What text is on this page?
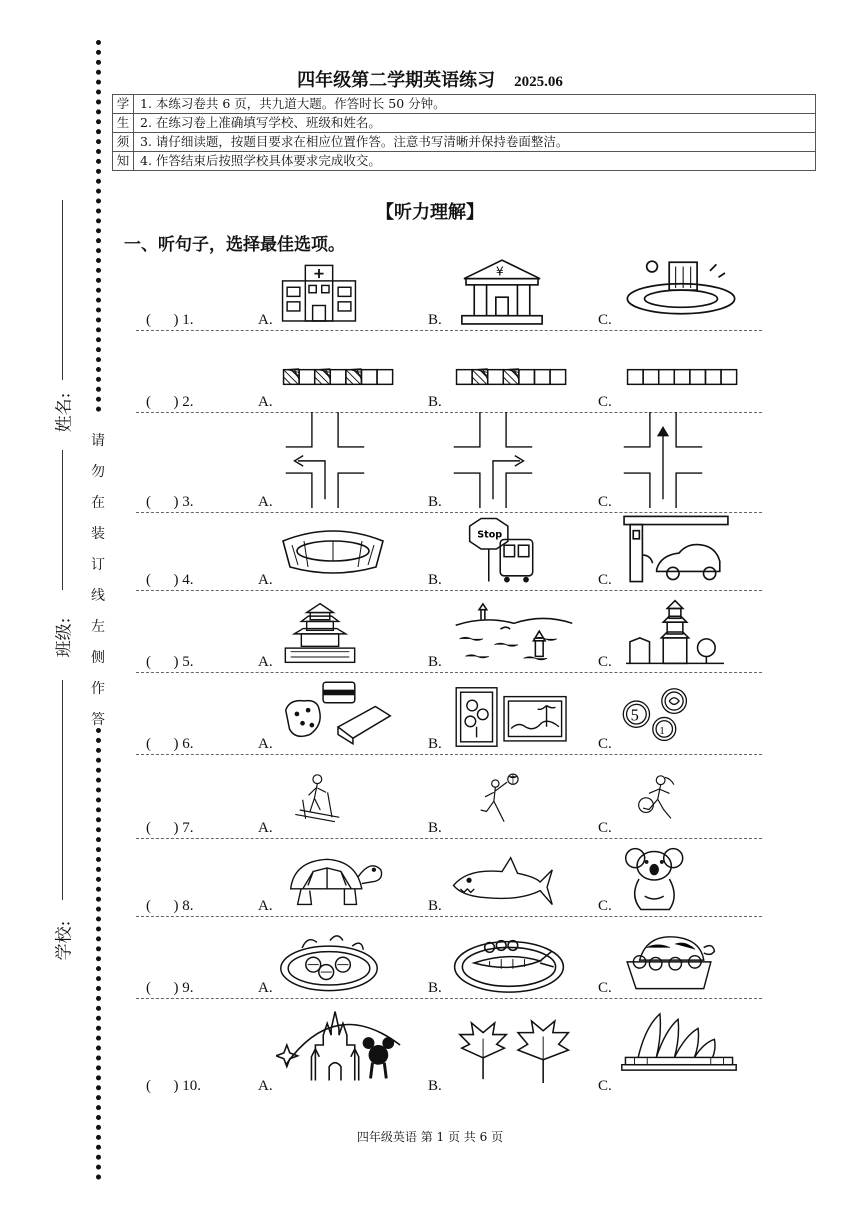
姓名:
班级:
学校:
请
勿
在
装
订
线
左
侧
作
答
四年级第二学期英语练习 2025.06
学	1. 本练习卷共 6 页，共九道大题。作答时长 50 分钟。
生	2. 在练习卷上准确填写学校、班级和姓名。
须	3. 请仔细读题，按题目要求在相应位置作答。注意书写清晰并保持卷面整洁。
知	4. 作答结束后按照学校具体要求完成收交。
【听力理解】
一、听句子，选择最佳选项。
(      ) 1.	A.	B.
¥
C.
(      ) 2.	A.	B.	C.
(      ) 3.	A.	B.	C.
(      ) 4.	A.	B.
Stop
C.
(      ) 5.	A.	B.	C.
(      ) 6.	A.	B.	C.
5
1
(      ) 7.	A.	B.	C.
(      ) 8.	A.	B.	C.
(      ) 9.	A.	B.	C.
(      ) 10.	A.	B.	C.
四年级英语 第 1 页 共 6 页
